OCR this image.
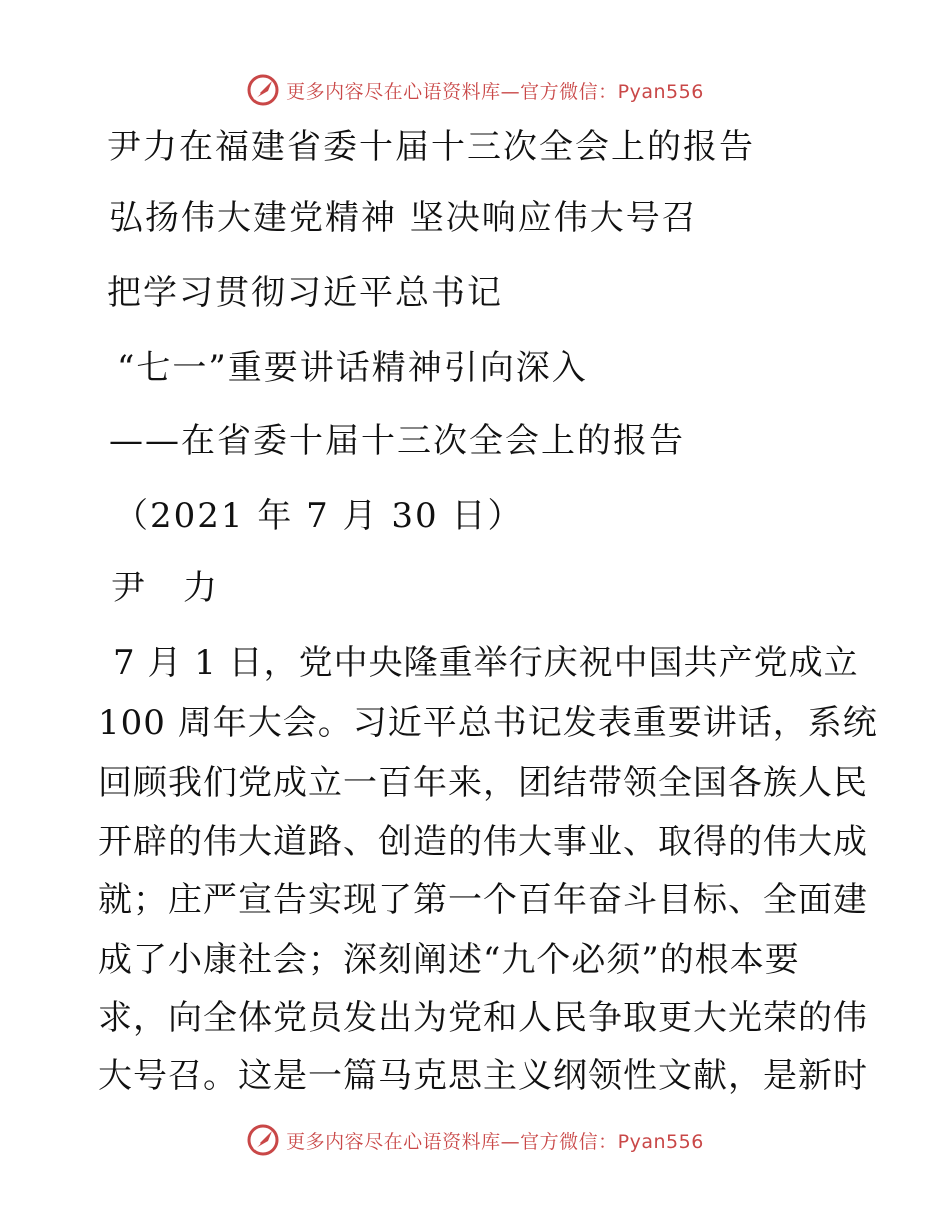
更多内容尽在心语资料库—官方微信：Pyan556
尹力在福建省委十届十三次全会上的报告
弘扬伟大建党精神 坚决响应伟大号召
把学习贯彻习近平总书记
“七一”重要讲话精神引向深入
——在省委十届十三次全会上的报告
（2021 年 7 月 30 日）
尹　力
7 月 1 日，党中央隆重举行庆祝中国共产党成立
100 周年大会。习近平总书记发表重要讲话，系统
回顾我们党成立一百年来，团结带领全国各族人民
开辟的伟大道路、创造的伟大事业、取得的伟大成
就；庄严宣告实现了第一个百年奋斗目标、全面建
成了小康社会；深刻阐述“九个必须”的根本要
求，向全体党员发出为党和人民争取更大光荣的伟
大号召。这是一篇马克思主义纲领性文献，是新时
更多内容尽在心语资料库—官方微信：Pyan556
